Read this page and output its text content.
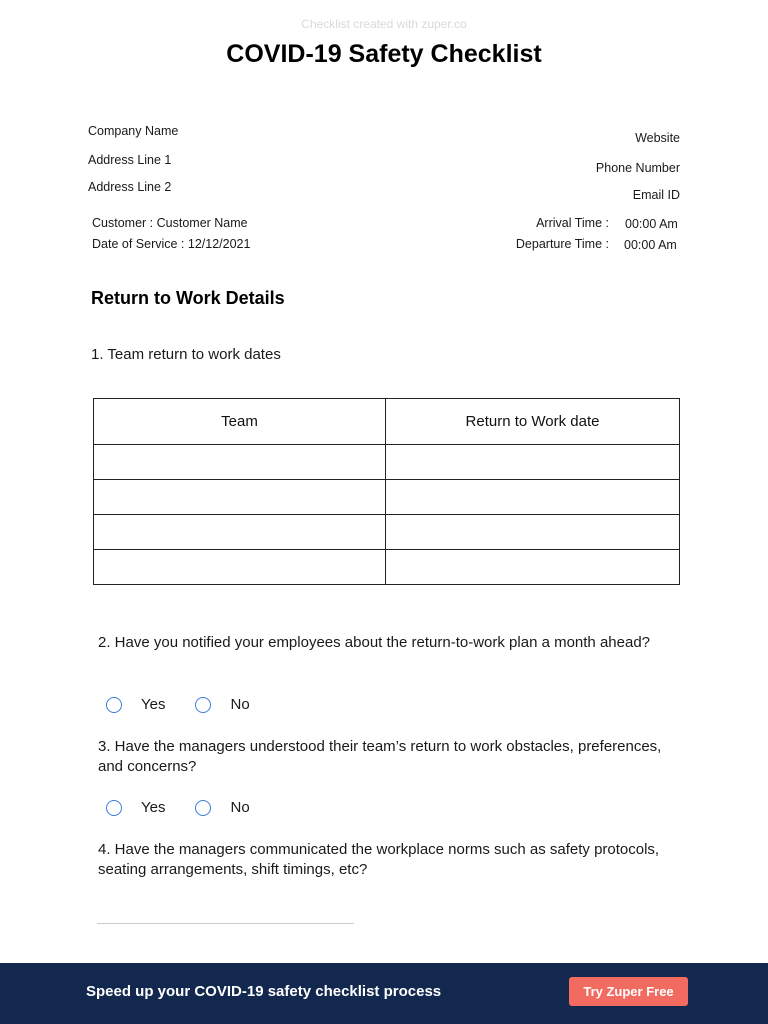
Checklist created with zuper.co
COVID-19 Safety Checklist
Company Name
Address Line 1
Address Line 2
Website
Phone Number
Email ID
Customer : Customer Name
Date of Service : 12/12/2021
Arrival Time : 00:00 Am
Departure Time : 00:00 Am
Return to Work Details
1. Team return to work dates
Team	Return to Work date

2. Have you notified your employees about the return-to-work plan a month ahead?
Yes	No
3. Have the managers understood their team’s return to work obstacles, preferences, and concerns?
Yes	No
4. Have the managers communicated the workplace norms such as safety protocols, seating arrangements, shift timings, etc?
Speed up your COVID-19 safety checklist process	Try Zuper Free
